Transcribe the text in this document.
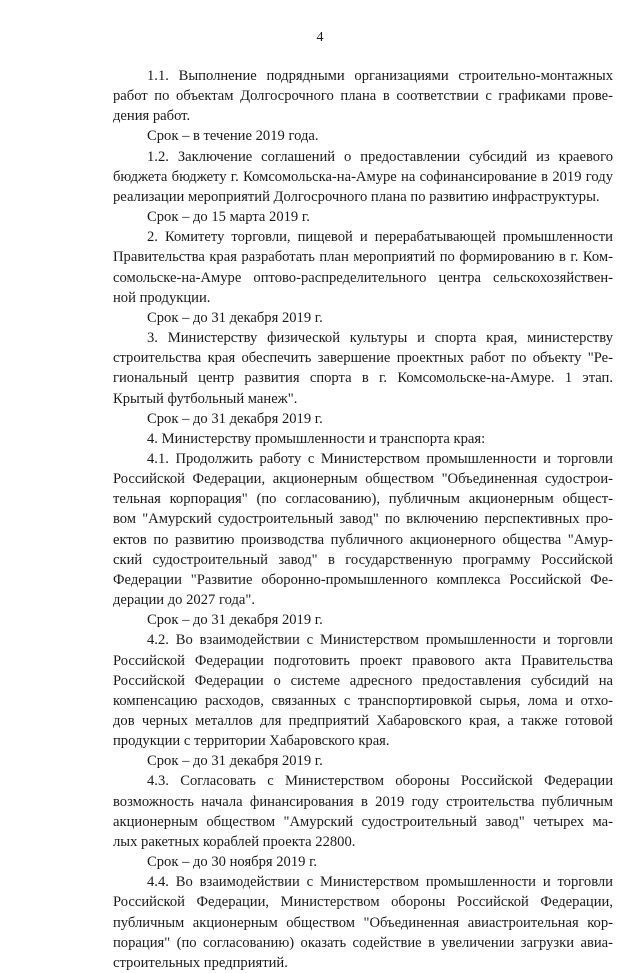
4

1.1. Выполнение подрядными организациями строительно-монтажных
работ по объектам Долгосрочного плана в соответствии с графиками прове-
дения работ.

Срок – в течение 2019 года.

1.2. Заключение соглашений о предоставлении субсидий из краевого
бюджета бюджету г. Комсомольска-на-Амуре на софинансирование в 2019 году
реализации мероприятий Долгосрочного плана по развитию инфраструктуры.

Срок – до 15 марта 2019 г.

2. Комитету торговли, пищевой и перерабатывающей промышленности
Правительства края разработать план мероприятий по формированию в г. Ком-
сомольске-на-Амуре оптово-распределительного центра сельскохозяйствен-
ной продукции.

Срок – до 31 декабря 2019 г.

3. Министерству физической культуры и спорта края, министерству
строительства края обеспечить завершение проектных работ по объекту "Ре-
гиональный центр развития спорта в г. Комсомольске-на-Амуре. 1 этап.
Крытый футбольный манеж".

Срок – до 31 декабря 2019 г.

4. Министерству промышленности и транспорта края:

4.1. Продолжить работу с Министерством промышленности и торговли
Российской Федерации, акционерным обществом "Объединенная судострои-
тельная корпорация" (по согласованию), публичным акционерным общест-
вом "Амурский судостроительный завод" по включению перспективных про-
ектов по развитию производства публичного акционерного общества "Амур-
ский судостроительный завод" в государственную программу Российской
Федерации "Развитие оборонно-промышленного комплекса Российской Фе-
дерации до 2027 года".

Срок – до 31 декабря 2019 г.

4.2. Во взаимодействии с Министерством промышленности и торговли
Российской Федерации подготовить проект правового акта Правительства
Российской Федерации о системе адресного предоставления субсидий на
компенсацию расходов, связанных с транспортировкой сырья, лома и отхо-
дов черных металлов для предприятий Хабаровского края, а также готовой
продукции с территории Хабаровского края.

Срок – до 31 декабря 2019 г.

4.3. Согласовать с Министерством обороны Российской Федерации
возможность начала финансирования в 2019 году строительства публичным
акционерным обществом "Амурский судостроительный завод" четырех ма-
лых ракетных кораблей проекта 22800.

Срок – до 30 ноября 2019 г.

4.4. Во взаимодействии с Министерством промышленности и торговли
Российской Федерации, Министерством обороны Российской Федерации,
публичным акционерным обществом "Объединенная авиастроительная кор-
порация" (по согласованию) оказать содействие в увеличении загрузки авиа-
строительных предприятий.
